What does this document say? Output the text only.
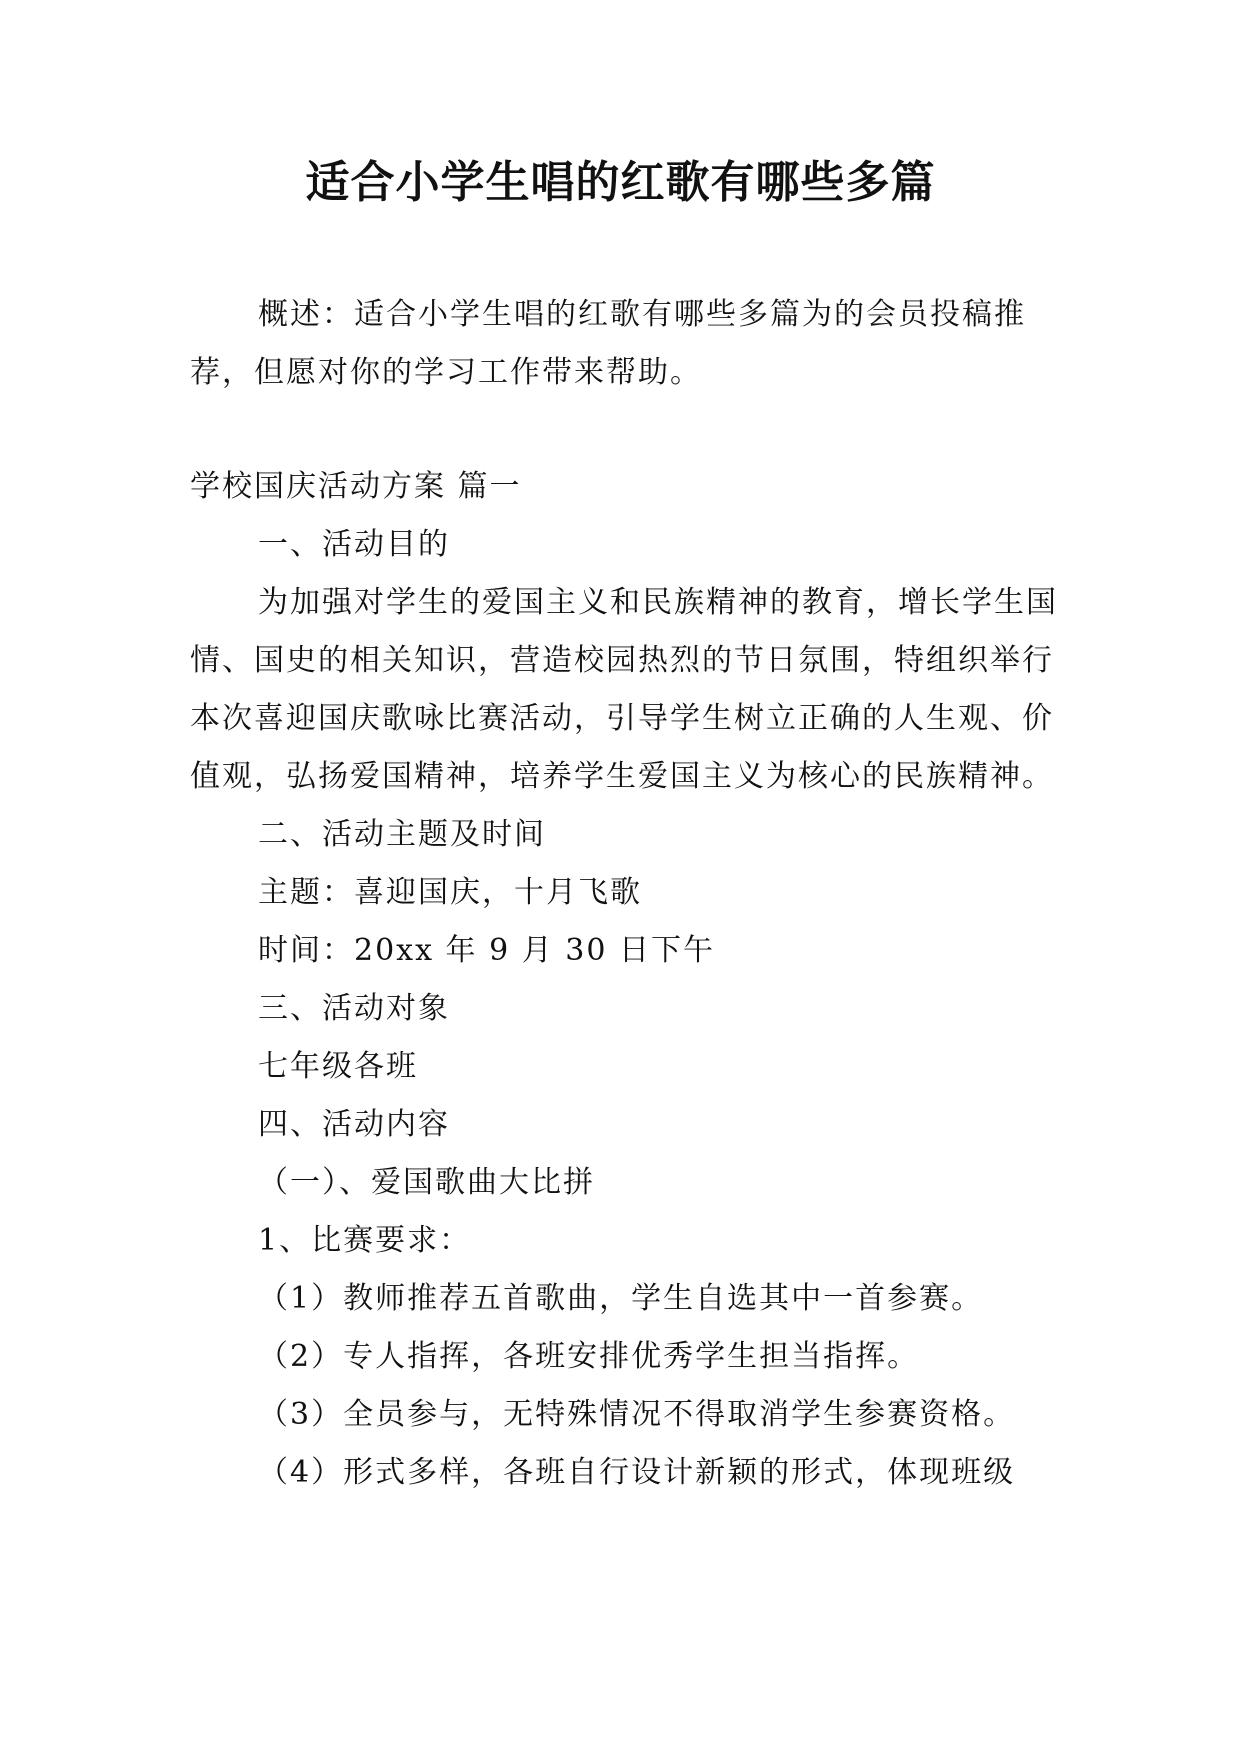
适合小学生唱的红歌有哪些多篇
概述：适合小学生唱的红歌有哪些多篇为的会员投稿推荐，但愿对你的学习工作带来帮助。

学校国庆活动方案 篇一

一、活动目的

为加强对学生的爱国主义和民族精神的教育，增长学生国情、国史的相关知识，营造校园热烈的节日氛围，特组织举行本次喜迎国庆歌咏比赛活动，引导学生树立正确的人生观、价值观，弘扬爱国精神，培养学生爱国主义为核心的民族精神。

二、活动主题及时间

主题：喜迎国庆，十月飞歌

时间：20xx 年 9 月 30 日下午

三、活动对象

七年级各班

四、活动内容

（一）、爱国歌曲大比拼

1、比赛要求：

（1）教师推荐五首歌曲，学生自选其中一首参赛。

（2）专人指挥，各班安排优秀学生担当指挥。

（3）全员参与，无特殊情况不得取消学生参赛资格。

（4）形式多样，各班自行设计新颖的形式，体现班级
